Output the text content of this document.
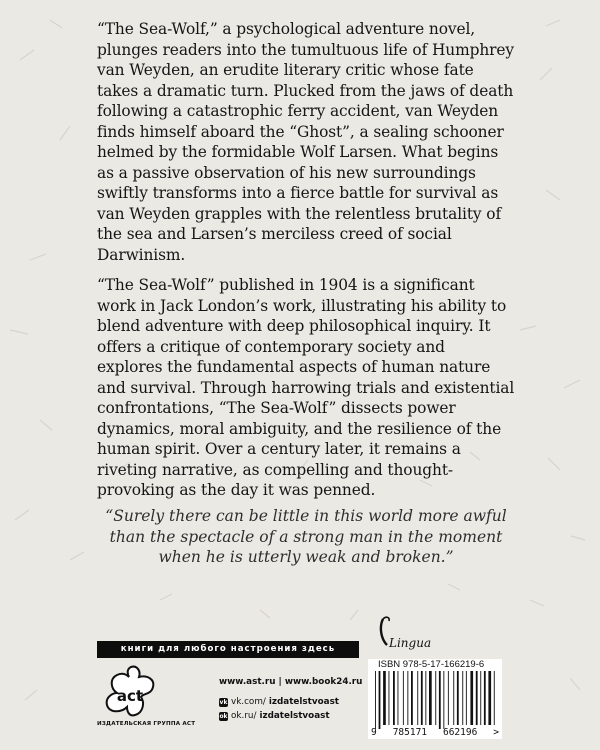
“The Sea-Wolf,” a psychological adventure novel, plunges readers into the tumultuous life of Humphrey van Weyden, an erudite literary critic whose fate takes a dramatic turn. Plucked from the jaws of death following a catastrophic ferry accident, van Weyden finds himself aboard the “Ghost”, a sealing schooner helmed by the formidable Wolf Larsen. What begins as a passive observation of his new surroundings swiftly transforms into a fierce battle for survival as van Weyden grapples with the relentless brutality of the sea and Larsen’s merciless creed of social Darwinism.

“The Sea-Wolf” published in 1904 is a significant work in Jack London’s work, illustrating his ability to blend adventure with deep philosophical inquiry. It offers a critique of contemporary society and explores the fundamental aspects of human nature and survival. Through harrowing trials and existential confrontations, “The Sea-Wolf” dissects power dynamics, moral ambiguity, and the resilience of the human spirit. Over a century later, it remains a riveting narrative, as compelling and thought-provoking as the day it was penned.

“Surely there can be little in this world more awful than the spectacle of a strong man in the moment when he is utterly weak and broken.”
книги для любого настроения здесь	Lingua
act
ИЗДАТЕЛЬСКАЯ ГРУППА АСТ
www.ast.ru | www.book24.ru
vk vk.com/ izdatelstvoast
ok ok.ru/ izdatelstvoast
ISBN 978-5-17-166219-6
9 785171 662196 >
